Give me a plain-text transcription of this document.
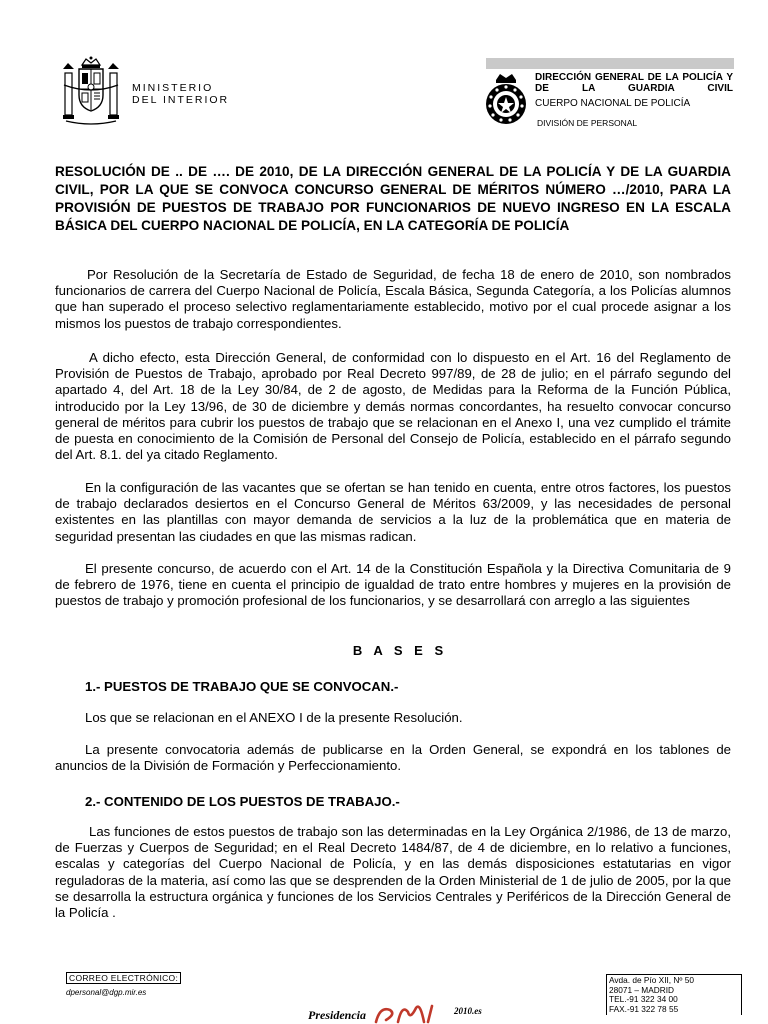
MINISTERIO
DEL INTERIOR
DIRECCIÓN GENERAL DE LA POLICÍA Y DE LA GUARDIA CIVIL
CUERPO NACIONAL DE POLICÍA
DIVISIÓN DE PERSONAL
RESOLUCIÓN DE .. DE …. DE 2010, DE LA DIRECCIÓN GENERAL DE LA POLICÍA Y DE LA GUARDIA CIVIL, POR LA QUE SE CONVOCA CONCURSO GENERAL DE MÉRITOS NÚMERO …/2010, PARA LA PROVISIÓN DE PUESTOS DE TRABAJO POR FUNCIONARIOS DE NUEVO INGRESO EN LA ESCALA BÁSICA DEL CUERPO NACIONAL DE POLICÍA, EN LA CATEGORÍA DE POLICÍA
Por Resolución de la Secretaría de Estado de Seguridad, de fecha 18 de enero de 2010, son nombrados funcionarios de carrera del Cuerpo Nacional de Policía, Escala Básica, Segunda Categoría, a los Policías alumnos que han superado el proceso selectivo reglamentariamente establecido, motivo por el cual procede asignar a los mismos los puestos de trabajo correspondientes.
A dicho efecto, esta Dirección General, de conformidad con lo dispuesto en el Art. 16 del Reglamento de Provisión de Puestos de Trabajo, aprobado por Real Decreto 997/89, de 28 de julio; en el párrafo segundo del apartado 4, del Art. 18 de la Ley 30/84, de 2 de agosto, de Medidas para la Reforma de la Función Pública, introducido por la Ley 13/96, de 30 de diciembre y demás normas concordantes, ha resuelto convocar concurso general de méritos para cubrir los puestos de trabajo que se relacionan en el Anexo I, una vez cumplido el trámite de puesta en conocimiento de la Comisión de Personal del Consejo de Policía, establecido en el párrafo segundo del Art. 8.1. del ya citado Reglamento.
En la configuración de las vacantes que se ofertan se han tenido en cuenta, entre otros factores, los puestos de trabajo declarados desiertos en el Concurso General de Méritos 63/2009, y las necesidades de personal existentes en las plantillas con mayor demanda de servicios a la luz de la problemática que en materia de seguridad presentan las ciudades en que las mismas radican.
El presente concurso, de acuerdo con el Art. 14 de la Constitución Española y la Directiva Comunitaria de 9 de febrero de 1976, tiene en cuenta el principio de igualdad de trato entre hombres y mujeres en la provisión de puestos de trabajo y promoción profesional de los funcionarios, y se desarrollará con arreglo a las siguientes
B A S E S
1.- PUESTOS DE TRABAJO QUE SE CONVOCAN.-
Los que se relacionan en el ANEXO I de la presente Resolución.
La presente convocatoria además de publicarse en la Orden General, se expondrá en los tablones de anuncios de la División de Formación y Perfeccionamiento.
2.- CONTENIDO DE LOS PUESTOS DE TRABAJO.-
Las funciones de estos puestos de trabajo son las determinadas en la Ley Orgánica 2/1986, de 13 de marzo, de Fuerzas y Cuerpos de Seguridad; en el Real Decreto 1484/87, de 4 de diciembre, en lo relativo a funciones, escalas y categorías del Cuerpo Nacional de Policía, y en las demás disposiciones estatutarias en vigor reguladoras de la materia, así como las que se desprenden de la Orden Ministerial de 1 de julio de 2005, por la que se desarrolla la estructura orgánica y funciones de los Servicios Centrales y Periféricos de la Dirección General de la Policía .
CORREO ELECTRÓNICO:
dpersonal@dgp.mir.es
Avda. de Pío XII, Nº 50
28071 – MADRID
TEL.-91 322 34 00
FAX.-91 322 78 55
Presidencia	2010.es
